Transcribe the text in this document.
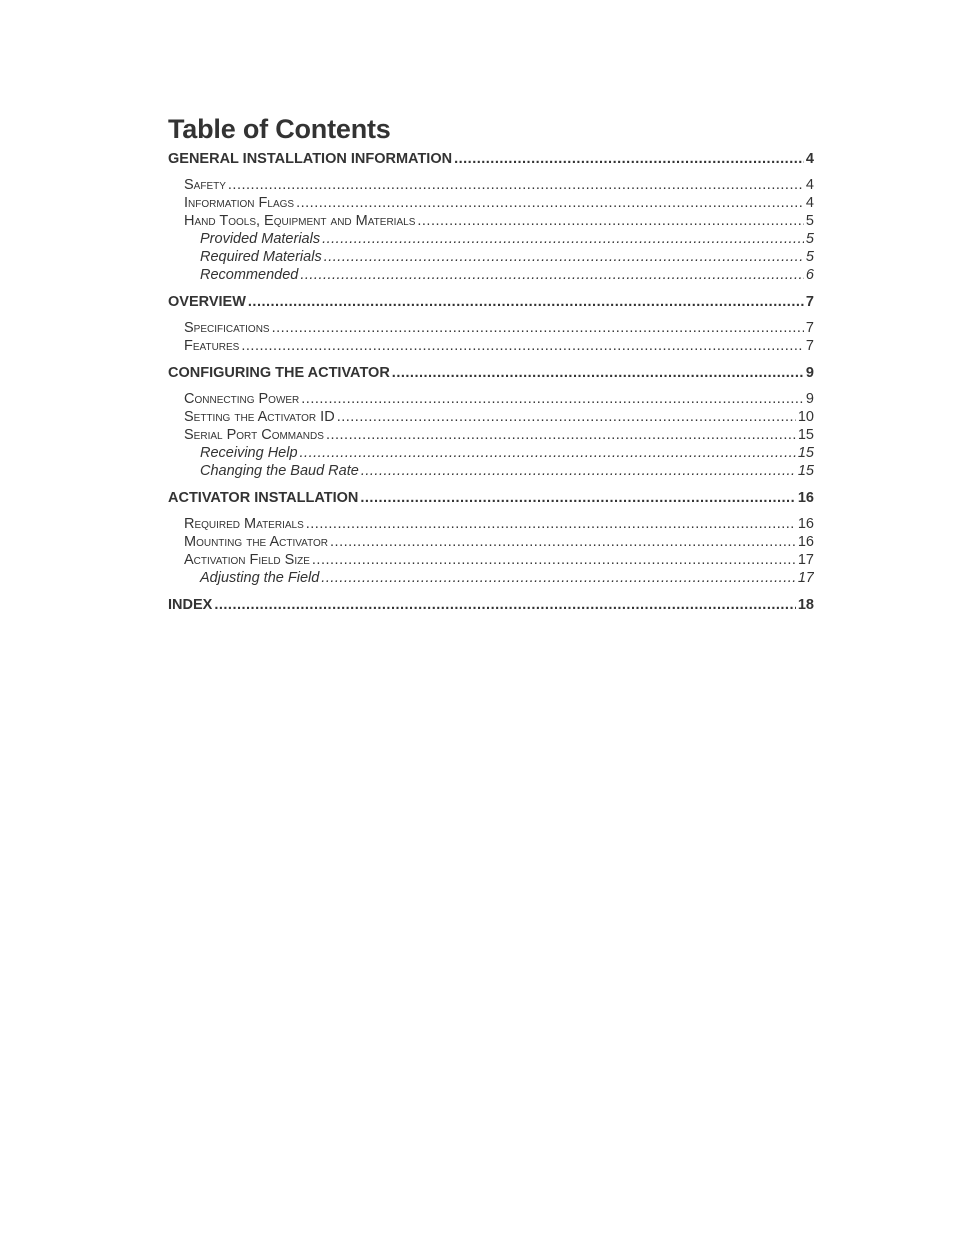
Table of Contents
GENERAL INSTALLATION INFORMATION .....	4
Safety .....	4
Information Flags .....	4
Hand Tools, Equipment and Materials .....	5
Provided Materials .....	5
Required Materials .....	5
Recommended .....	6
OVERVIEW .....	7
Specifications .....	7
Features .....	7
CONFIGURING THE ACTIVATOR .....	9
Connecting Power .....	9
Setting the Activator ID .....	10
Serial Port Commands .....	15
Receiving Help .....	15
Changing the Baud Rate .....	15
ACTIVATOR INSTALLATION .....	16
Required Materials .....	16
Mounting the Activator .....	16
Activation Field Size .....	17
Adjusting the Field .....	17
INDEX .....	18
